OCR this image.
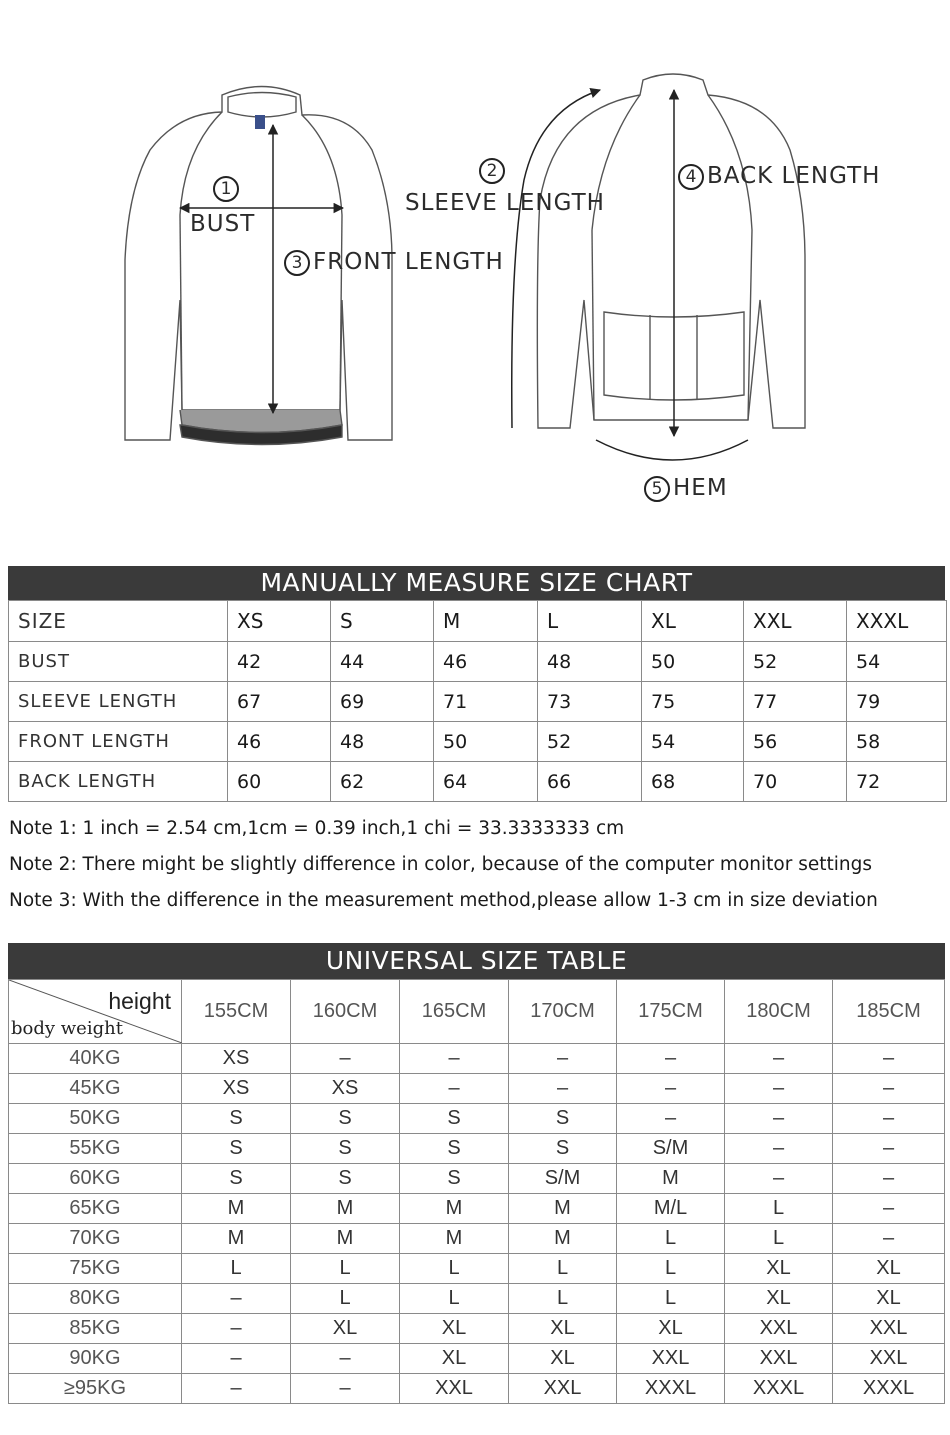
1
BUST
2
SLEEVE LENGTH
3 FRONT LENGTH
4 BACK LENGTH
5 HEM
MANUALLY MEASURE SIZE CHART
SIZE	XS	S	M	L	XL	XXL	XXXL
BUST	42	44	46	48	50	52	54
SLEEVE LENGTH	67	69	71	73	75	77	79
FRONT LENGTH	46	48	50	52	54	56	58
BACK LENGTH	60	62	64	66	68	70	72
Note 1: 1 inch = 2.54 cm,1cm = 0.39 inch,1 chi = 33.3333333 cm
Note 2: There might be slightly difference in color, because of the computer monitor settings
Note 3: With the difference in the measurement method,please allow 1-3 cm in size deviation
UNIVERSAL SIZE TABLE
height
body weight	155CM	160CM	165CM	170CM	175CM	180CM	185CM
40KG	XS	–	–	–	–	–	–
45KG	XS	XS	–	–	–	–	–
50KG	S	S	S	S	–	–	–
55KG	S	S	S	S	S/M	–	–
60KG	S	S	S	S/M	M	–	–
65KG	M	M	M	M	M/L	L	–
70KG	M	M	M	M	L	L	–
75KG	L	L	L	L	L	XL	XL
80KG	–	L	L	L	L	XL	XL
85KG	–	XL	XL	XL	XL	XXL	XXL
90KG	–	–	XL	XL	XXL	XXL	XXL
≥95KG	–	–	XXL	XXL	XXXL	XXXL	XXXL
